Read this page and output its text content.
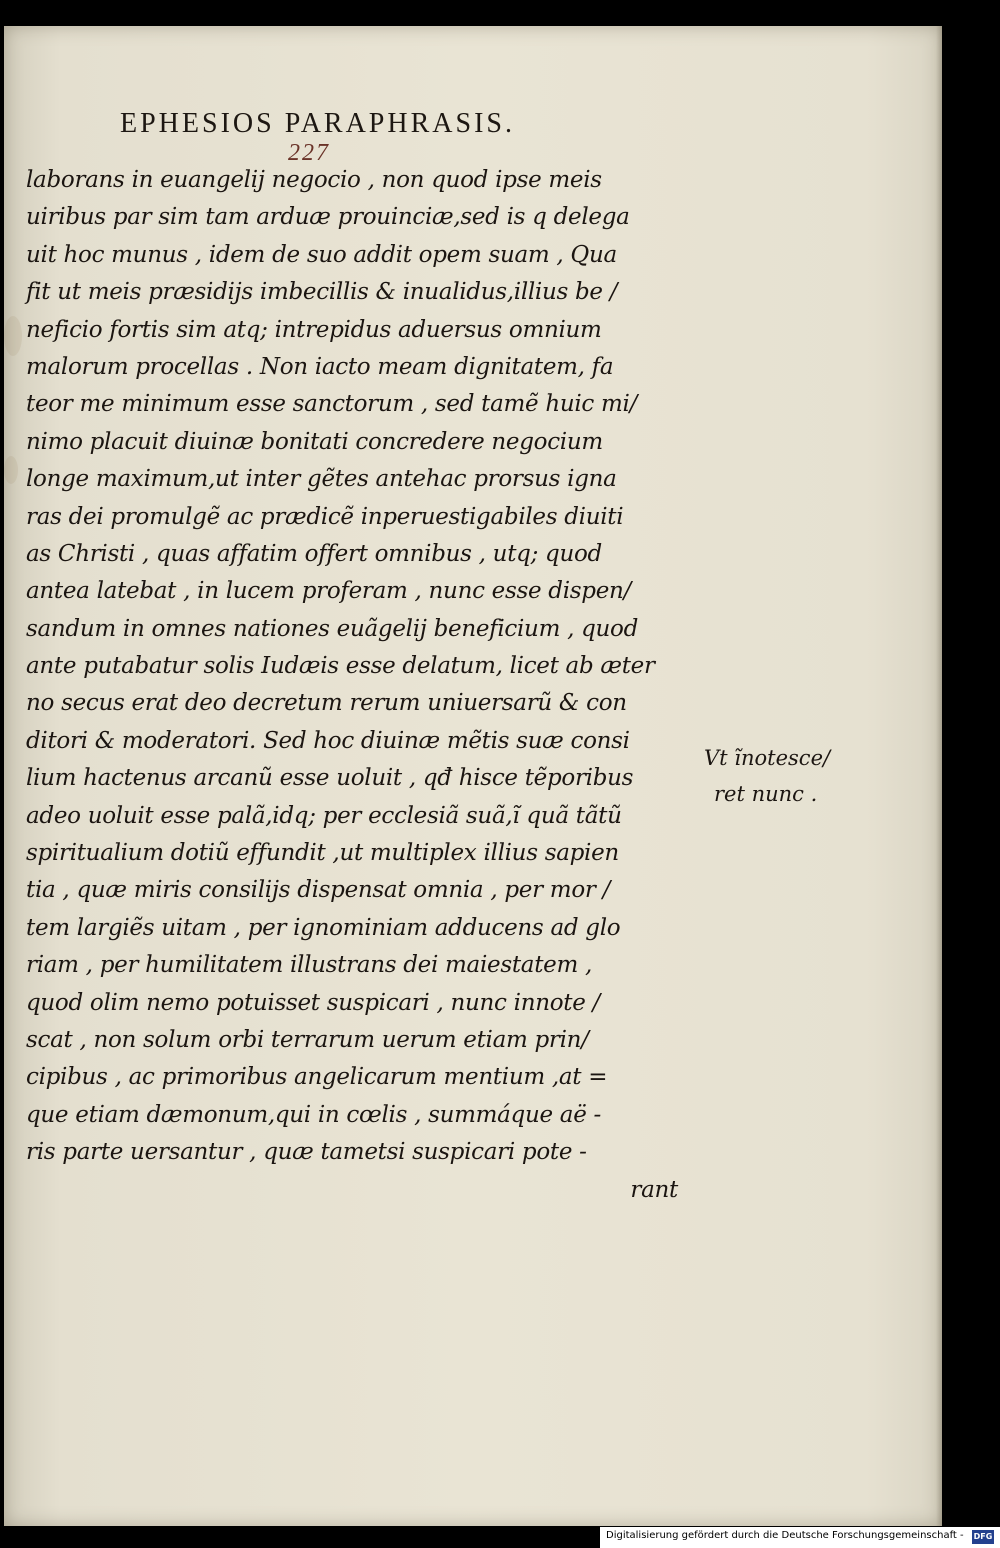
EPHESIOS PARAPHRASIS.
227
laborans in euangelij negocio , non quod ipse meis
uiribus par sim tam arduæ prouinciæ,sed is q delega
uit hoc munus , idem de suo addit opem suam , Qua
fit ut meis præsidijs imbecillis & inualidus,illius be /
neficio fortis sim atq; intrepidus aduersus omnium
malorum procellas . Non iacto meam dignitatem, fa
teor me minimum esse sanctorum , sed tamẽ huic mi/
nimo placuit diuinæ bonitati concredere negocium
longe maximum,ut inter gẽtes antehac prorsus igna
ras dei promulgẽ ac prædicẽ inperuestigabiles diuiti
as Christi , quas affatim offert omnibus , utq; quod
antea latebat , in lucem proferam , nunc esse dispen/
sandum in omnes nationes euãgelij beneficium , quod
ante putabatur solis Iudæis esse delatum, licet ab æter
no secus erat deo decretum rerum uniuersarũ & con
ditori & moderatori. Sed hoc diuinæ mẽtis suæ consi
lium hactenus arcanũ esse uoluit , qđ hisce tẽporibus
adeo uoluit esse palã,idq; per ecclesiã suã,ĩ quã tãtũ
spiritualium dotiũ effundit ,ut multiplex illius sapien
tia , quæ miris consilijs dispensat omnia , per mor /
tem largiẽs uitam , per ignominiam adducens ad glo
riam , per humilitatem illustrans dei maiestatem ,
quod olim nemo potuisset suspicari , nunc innote /
scat , non solum orbi terrarum uerum etiam prin/
cipibus , ac primoribus angelicarum mentium ,at =
que etiam dæmonum,qui in cœlis , summáque aë -
ris parte uersantur , quæ tametsi suspicari pote -
rant
Vt ĩnotesce/
ret nunc .
Digitalisierung gefördert durch die Deutsche Forschungsgemeinschaft - DFG
